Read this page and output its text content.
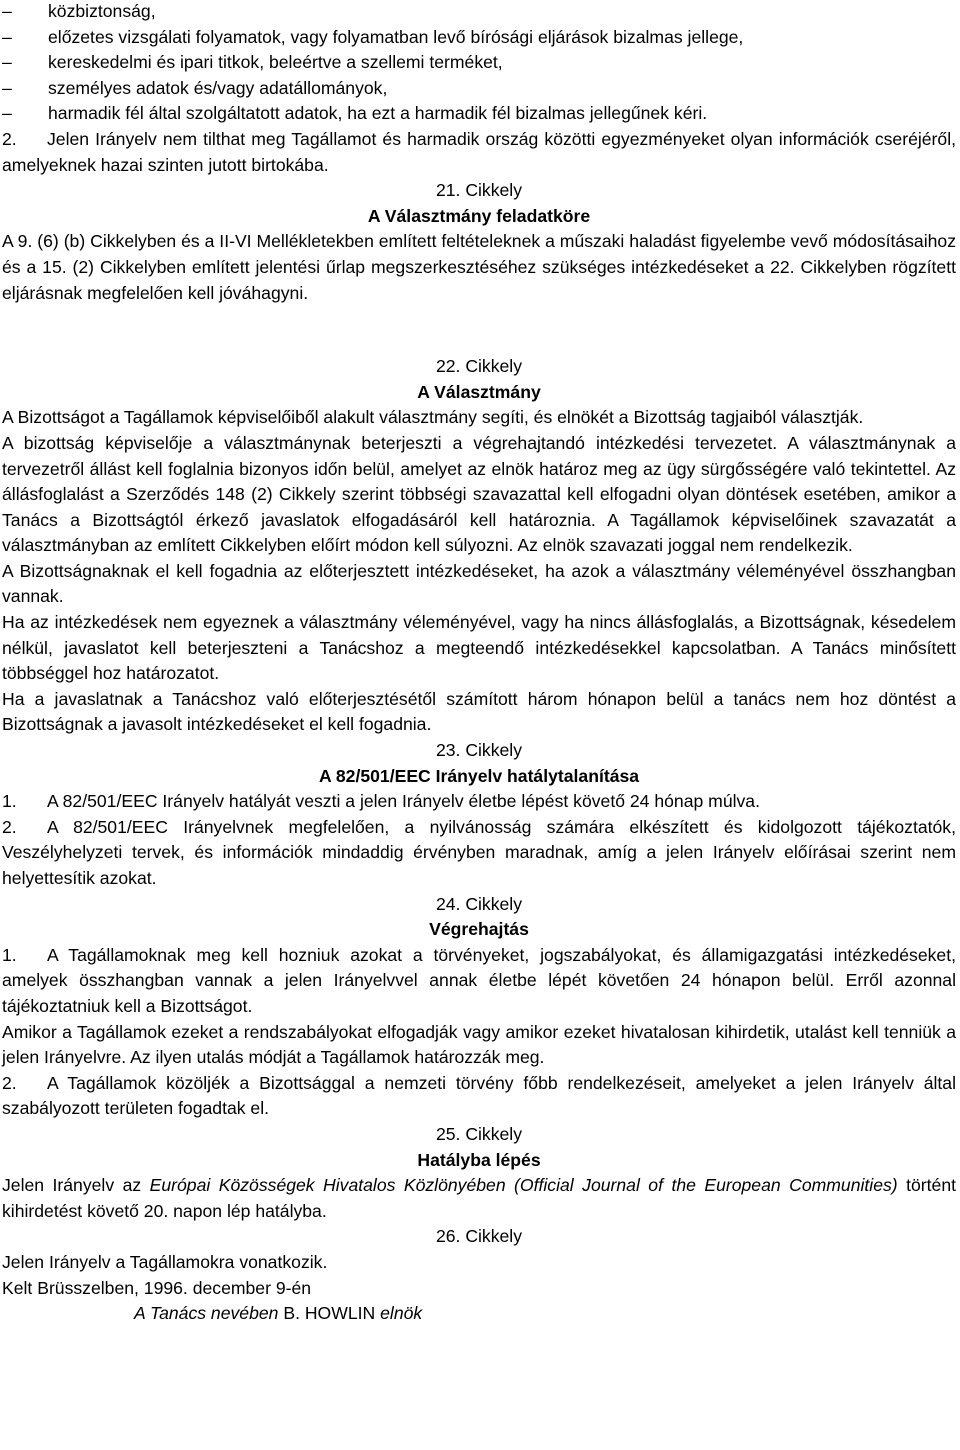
–	közbiztonság,
–	előzetes vizsgálati folyamatok, vagy folyamatban levő bírósági eljárások bizalmas jellege,
–	kereskedelmi és ipari titkok, beleértve a szellemi terméket,
–	személyes adatok és/vagy adatállományok,
–	harmadik fél által szolgáltatott adatok, ha ezt a harmadik fél bizalmas jellegűnek kéri.

2. Jelen Irányelv nem tilthat meg Tagállamot és harmadik ország közötti egyezményeket olyan információk cseréjéről, amelyeknek hazai szinten jutott birtokába.

21. Cikkely

A Választmány feladatköre

A 9. (6) (b) Cikkelyben és a II-VI Mellékletekben említett feltételeknek a műszaki haladást figyelembe vevő módosításaihoz és a 15. (2) Cikkelyben említett jelentési űrlap megszerkesztéséhez szükséges intézkedéseket a 22. Cikkelyben rögzített eljárásnak megfelelően kell jóváhagyni.

22. Cikkely

A Választmány

A Bizottságot a Tagállamok képviselőiből alakult választmány segíti, és elnökét a Bizottság tagjaiból választják.

A bizottság képviselője a választmánynak beterjeszti a végrehajtandó intézkedési tervezetet. A választmánynak a tervezetről állást kell foglalnia bizonyos időn belül, amelyet az elnök határoz meg az ügy sürgősségére való tekintettel. Az állásfoglalást a Szerződés 148 (2) Cikkely szerint többségi szavazattal kell elfogadni olyan döntések esetében, amikor a Tanács a Bizottságtól érkező javaslatok elfogadásáról kell határoznia. A Tagállamok képviselőinek szavazatát a választmányban az említett Cikkelyben előírt módon kell súlyozni. Az elnök szavazati joggal nem rendelkezik.

A Bizottságnaknak el kell fogadnia az előterjesztett intézkedéseket, ha azok a választmány véleményével összhangban vannak.

Ha az intézkedések nem egyeznek a választmány véleményével, vagy ha nincs állásfoglalás, a Bizottságnak, késedelem nélkül, javaslatot kell beterjeszteni a Tanácshoz a megteendő intézkedésekkel kapcsolatban. A Tanács minősített többséggel hoz határozatot.

Ha a javaslatnak a Tanácshoz való előterjesztésétől számított három hónapon belül a tanács nem hoz döntést a Bizottságnak a javasolt intézkedéseket el kell fogadnia.

23. Cikkely

A 82/501/EEC Irányelv hatálytalanítása

1. A 82/501/EEC Irányelv hatályát veszti a jelen Irányelv életbe lépést követő 24 hónap múlva.

2. A 82/501/EEC Irányelvnek megfelelően, a nyilvánosság számára elkészített és kidolgozott tájékoztatók, Veszélyhelyzeti tervek, és információk mindaddig érvényben maradnak, amíg a jelen Irányelv előírásai szerint nem helyettesítik azokat.

24. Cikkely

Végrehajtás

1. A Tagállamoknak meg kell hozniuk azokat a törvényeket, jogszabályokat, és államigazgatási intézkedéseket, amelyek összhangban vannak a jelen Irányelvvel annak életbe lépét követően 24 hónapon belül. Erről azonnal tájékoztatniuk kell a Bizottságot.

Amikor a Tagállamok ezeket a rendszabályokat elfogadják vagy amikor ezeket hivatalosan kihirdetik, utalást kell tenniük a jelen Irányelvre. Az ilyen utalás módját a Tagállamok határozzák meg.

2. A Tagállamok közöljék a Bizottsággal a nemzeti törvény főbb rendelkezéseit, amelyeket a jelen Irányelv által szabályozott területen fogadtak el.

25. Cikkely

Hatályba lépés

Jelen Irányelv az Európai Közösségek Hivatalos Közlönyében (Official Journal of the European Communities) történt kihirdetést követő 20. napon lép hatályba.

26. Cikkely

Jelen Irányelv a Tagállamokra vonatkozik.

Kelt Brüsszelben, 1996. december 9-én

A Tanács nevében B. HOWLIN elnök
